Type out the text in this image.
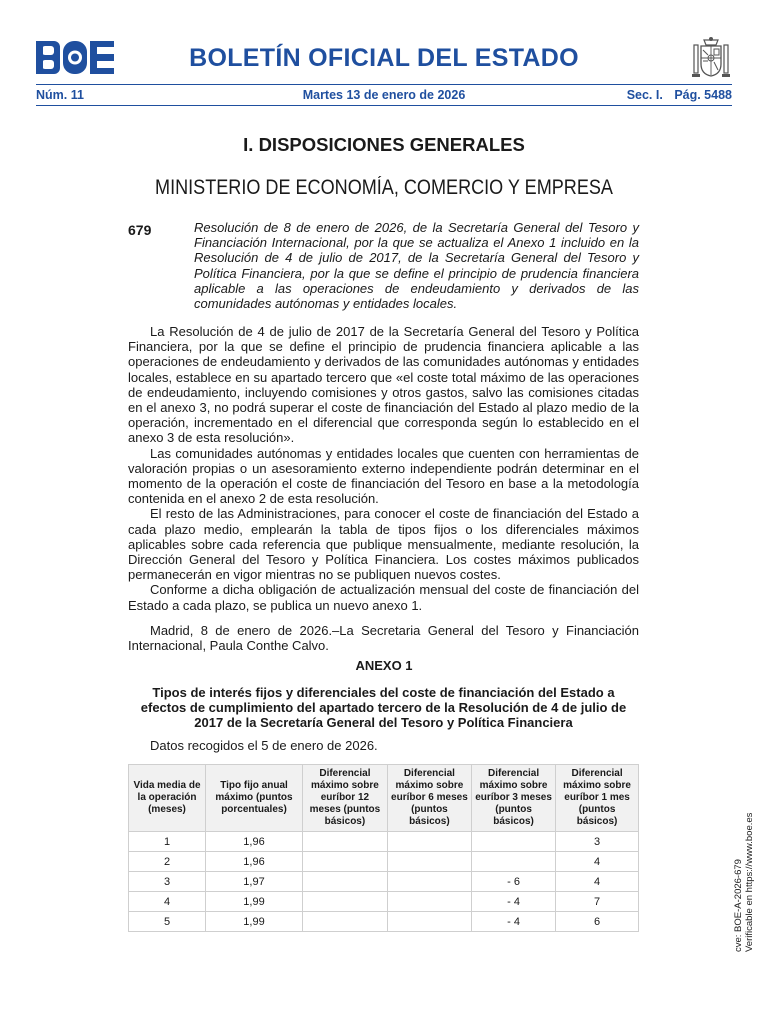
BOLETÍN OFICIAL DEL ESTADO
Núm. 11	Martes 13 de enero de 2026	Sec. I. Pág. 5488
I. DISPOSICIONES GENERALES
MINISTERIO DE ECONOMÍA, COMERCIO Y EMPRESA
679	Resolución de 8 de enero de 2026, de la Secretaría General del Tesoro y Financiación Internacional, por la que se actualiza el Anexo 1 incluido en la Resolución de 4 de julio de 2017, de la Secretaría General del Tesoro y Política Financiera, por la que se define el principio de prudencia financiera aplicable a las operaciones de endeudamiento y derivados de las comunidades autónomas y entidades locales.

La Resolución de 4 de julio de 2017 de la Secretaría General del Tesoro y Política Financiera, por la que se define el principio de prudencia financiera aplicable a las operaciones de endeudamiento y derivados de las comunidades autónomas y entidades locales, establece en su apartado tercero que «el coste total máximo de las operaciones de endeudamiento, incluyendo comisiones y otros gastos, salvo las comisiones citadas en el anexo 3, no podrá superar el coste de financiación del Estado al plazo medio de la operación, incrementado en el diferencial que corresponda según lo establecido en el anexo 3 de esta resolución».

Las comunidades autónomas y entidades locales que cuenten con herramientas de valoración propias o un asesoramiento externo independiente podrán determinar en el momento de la operación el coste de financiación del Tesoro en base a la metodología contenida en el anexo 2 de esta resolución.

El resto de las Administraciones, para conocer el coste de financiación del Estado a cada plazo medio, emplearán la tabla de tipos fijos o los diferenciales máximos aplicables sobre cada referencia que publique mensualmente, mediante resolución, la Dirección General del Tesoro y Política Financiera. Los costes máximos publicados permanecerán en vigor mientras no se publiquen nuevos costes.

Conforme a dicha obligación de actualización mensual del coste de financiación del Estado a cada plazo, se publica un nuevo anexo 1.

Madrid, 8 de enero de 2026.–La Secretaria General del Tesoro y Financiación Internacional, Paula Conthe Calvo.

ANEXO 1
Tipos de interés fijos y diferenciales del coste de financiación del Estado a efectos de cumplimiento del apartado tercero de la Resolución de 4 de julio de 2017 de la Secretaría General del Tesoro y Política Financiera
Datos recogidos el 5 de enero de 2026.
Vida media de la operación (meses)	Tipo fijo anual máximo (puntos porcentuales)	Diferencial máximo sobre euríbor 12 meses (puntos básicos)	Diferencial máximo sobre euríbor 6 meses (puntos básicos)	Diferencial máximo sobre euríbor 3 meses (puntos básicos)	Diferencial máximo sobre euríbor 1 mes (puntos básicos)
1	1,96				3
2	1,96				4
3	1,97			- 6	4
4	1,99			- 4	7
5	1,99			- 4	6	cve: BOE-A-2026-679 Verificable en https://www.boe.es
